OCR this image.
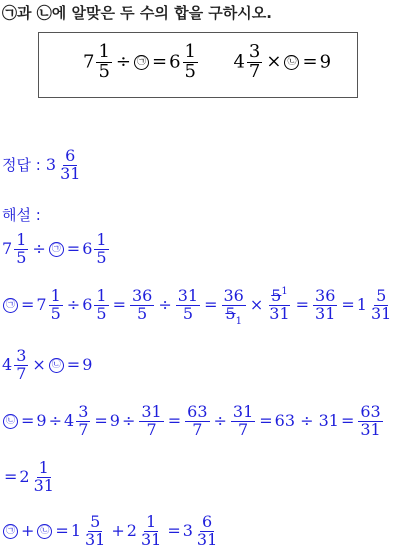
㉠과 ㉡에 알맞은 두 수의 합을 구하시오.
$7 \frac{1}{5}$ ÷ ㉠ = $6 \frac{1}{5} 4 \frac{3}{7}$ × ㉡ = 9
정답 : $3 \frac{6}{31}$
해설 :
$7 \frac{1}{5}$ ÷ ㉠ = $6 \frac{1}{5}$
㉠ = $7 \frac{1}{5} \div 6 \frac{1}{5} = \frac{36}{5} \div \frac{31}{5} = \frac{36}{5_1} \times \frac{5^1}{31} = \frac{36}{31} = 1 \frac{5}{31}$
$4 \frac{3}{7}$ × ㉡ = 9
㉡ = $9 \div 4 \frac{3}{7} = 9 \div \frac{31}{7} = \frac{63}{7} \div \frac{31}{7} = 63 \div 31 = \frac{63}{31}$
= $2 \frac{1}{31}$
㉠ + ㉡ = $1 \frac{5}{31} + 2 \frac{1}{31} = 3 \frac{6}{31}$
